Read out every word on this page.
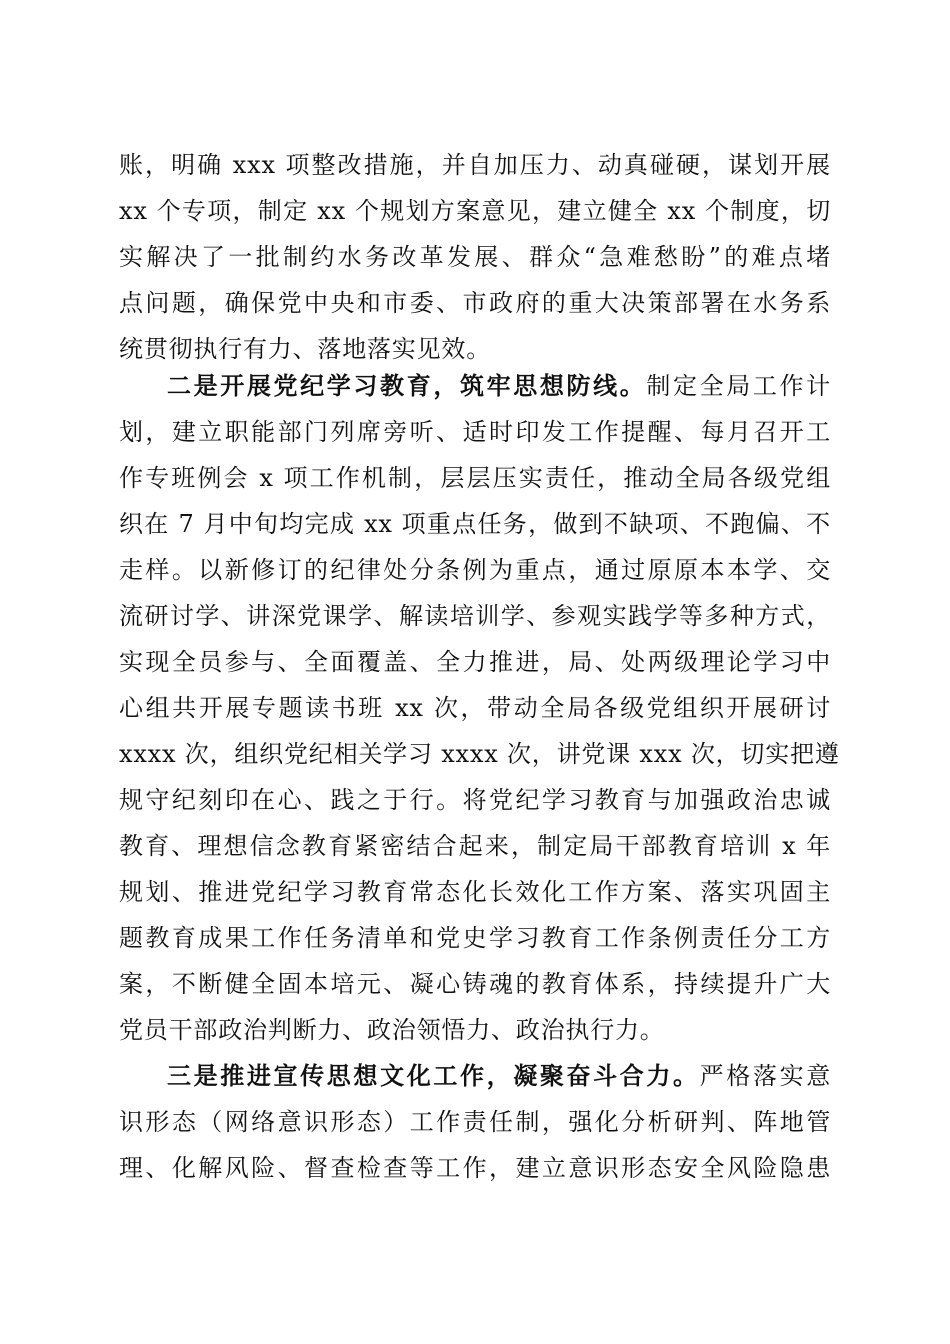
账，明确 xxx 项整改措施，并自加压力、动真碰硬，谋划开展
xx 个专项，制定 xx 个规划方案意见，建立健全 xx 个制度，切
实解决了一批制约水务改革发展、群众“急难愁盼”的难点堵
点问题，确保党中央和市委、市政府的重大决策部署在水务系
统贯彻执行有力、落地落实见效。
二是开展党纪学习教育，筑牢思想防线。制定全局工作计
划，建立职能部门列席旁听、适时印发工作提醒、每月召开工
作专班例会 x 项工作机制，层层压实责任，推动全局各级党组
织在 7 月中旬均完成 xx 项重点任务，做到不缺项、不跑偏、不
走样。以新修订的纪律处分条例为重点，通过原原本本学、交
流研讨学、讲深党课学、解读培训学、参观实践学等多种方式，
实现全员参与、全面覆盖、全力推进，局、处两级理论学习中
心组共开展专题读书班 xx 次，带动全局各级党组织开展研讨
xxxx 次，组织党纪相关学习 xxxx 次，讲党课 xxx 次，切实把遵
规守纪刻印在心、践之于行。将党纪学习教育与加强政治忠诚
教育、理想信念教育紧密结合起来，制定局干部教育培训 x 年
规划、推进党纪学习教育常态化长效化工作方案、落实巩固主
题教育成果工作任务清单和党史学习教育工作条例责任分工方
案，不断健全固本培元、凝心铸魂的教育体系，持续提升广大
党员干部政治判断力、政治领悟力、政治执行力。
三是推进宣传思想文化工作，凝聚奋斗合力。严格落实意
识形态（网络意识形态）工作责任制，强化分析研判、阵地管
理、化解风险、督查检查等工作，建立意识形态安全风险隐患
